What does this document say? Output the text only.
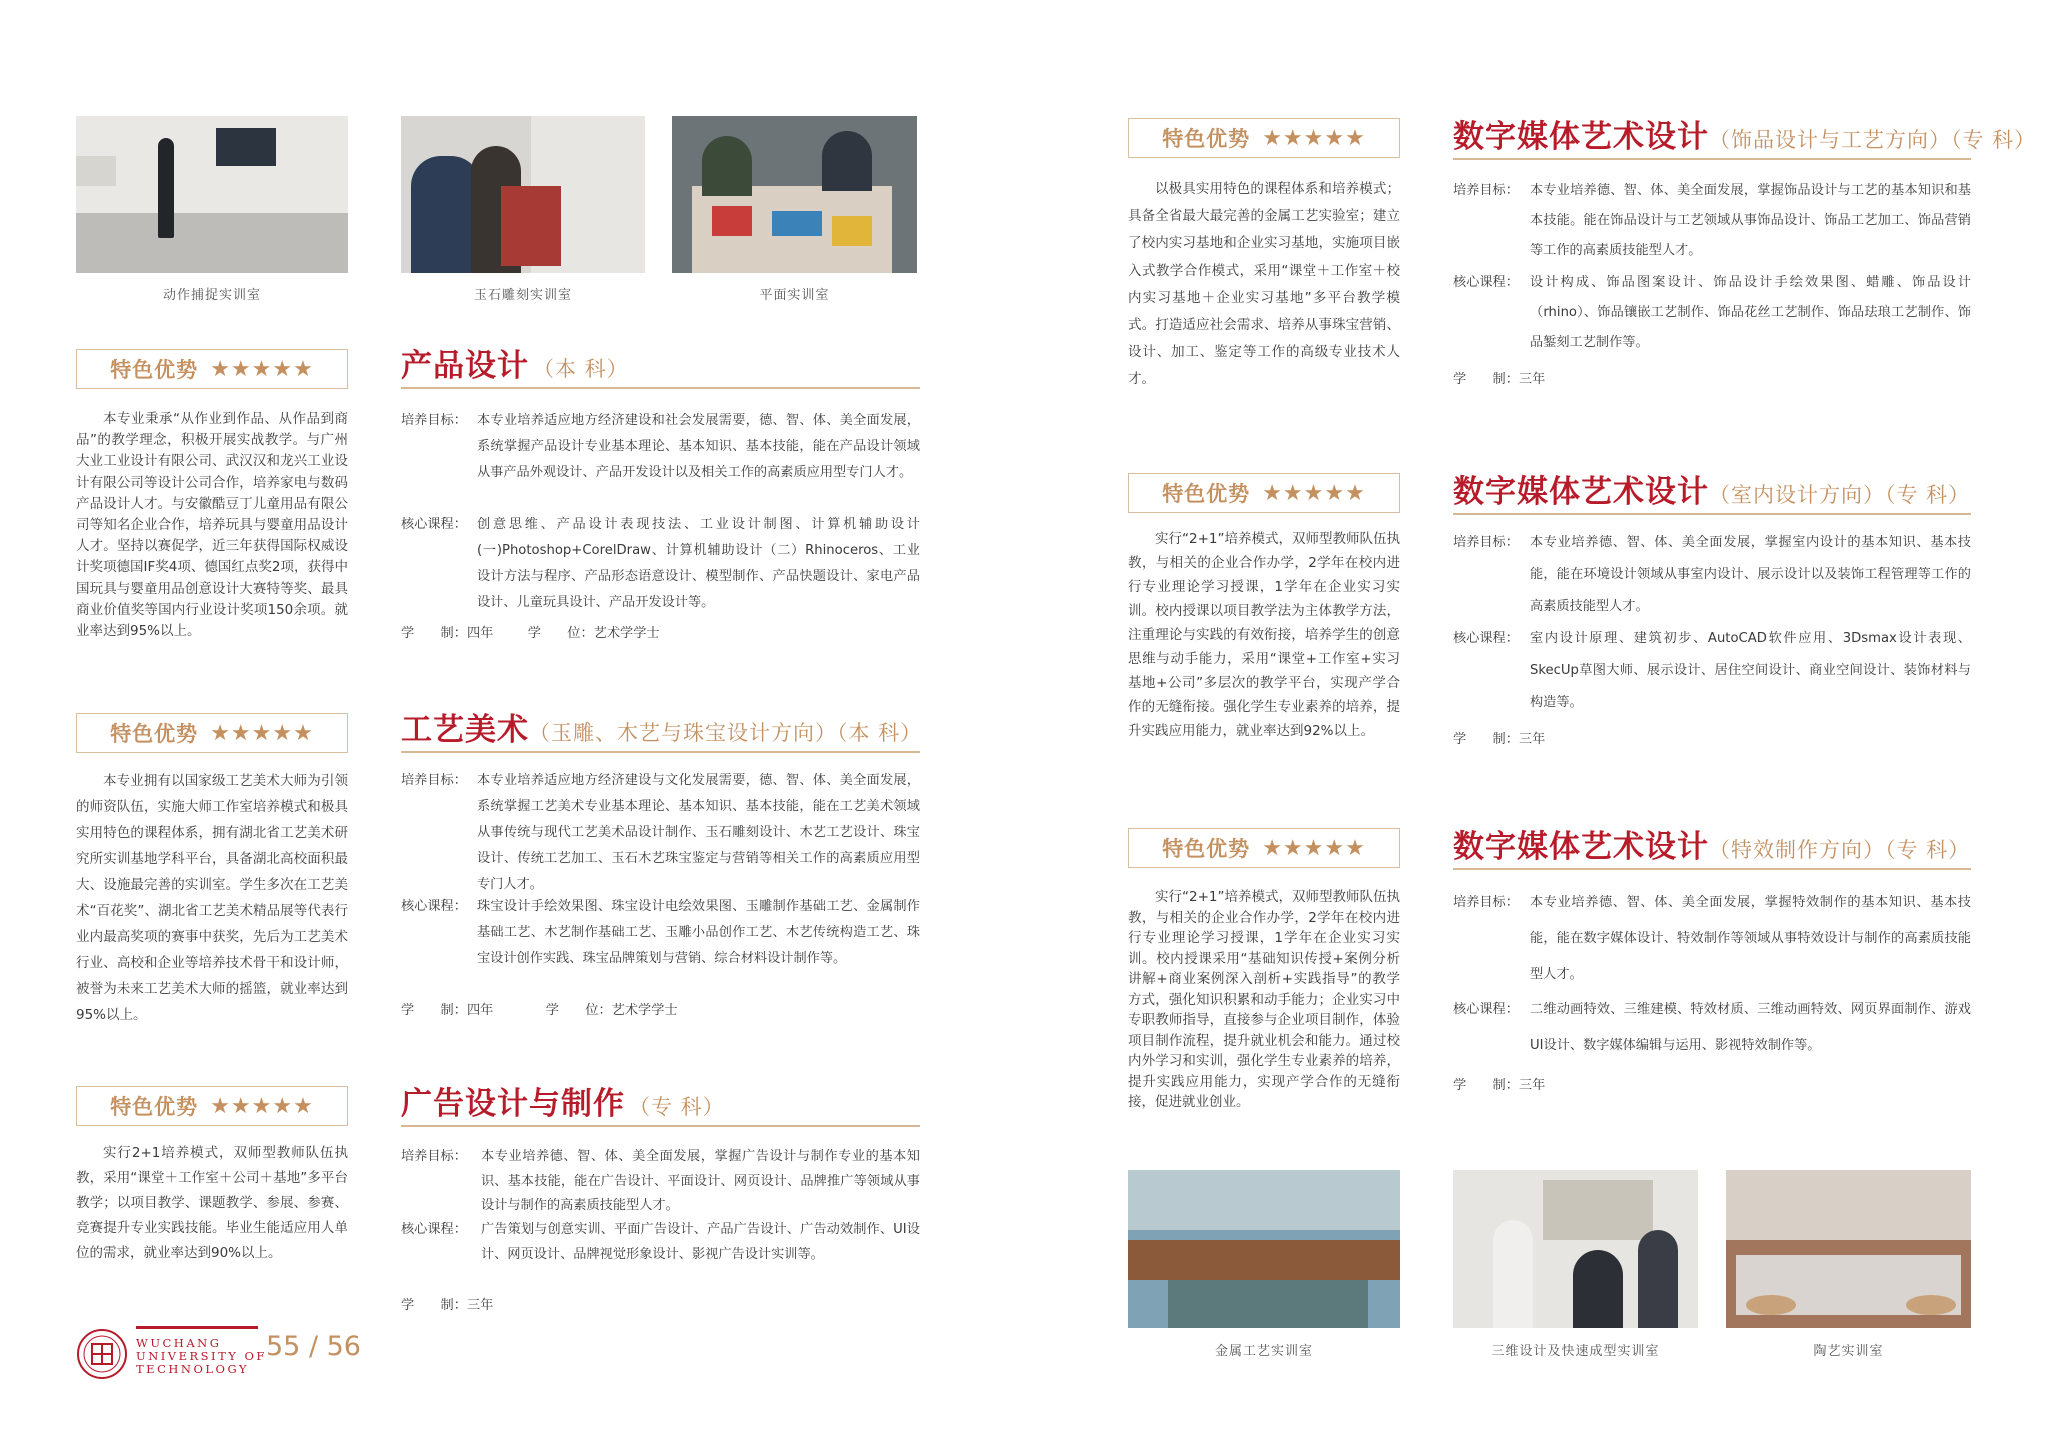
动作捕捉实训室	玉石雕刻实训室	平面实训室
特色优势 ★★★★★

本专业秉承“从作业到作品、从作品到商品”的教学理念，积极开展实战教学。与广州大业工业设计有限公司、武汉汉和龙兴工业设计有限公司等设计公司合作，培养家电与数码产品设计人才。与安徽酷豆丁儿童用品有限公司等知名企业合作，培养玩具与婴童用品设计人才。坚持以赛促学，近三年获得国际权威设计奖项德国IF奖4项、德国红点奖2项，获得中国玩具与婴童用品创意设计大赛特等奖、最具商业价值奖等国内行业设计奖项150余项。就业率达到95%以上。

特色优势 ★★★★★

本专业拥有以国家级工艺美术大师为引领的师资队伍，实施大师工作室培养模式和极具实用特色的课程体系，拥有湖北省工艺美术研究所实训基地学科平台，具备湖北高校面积最大、设施最完善的实训室。学生多次在工艺美术“百花奖”、湖北省工艺美术精品展等代表行业内最高奖项的赛事中获奖，先后为工艺美术行业、高校和企业等培养技术骨干和设计师，被誉为未来工艺美术大师的摇篮，就业率达到95%以上。

特色优势 ★★★★★

实行2+1培养模式，双师型教师队伍执教，采用“课堂＋工作室＋公司＋基地”多平台教学；以项目教学、课题教学、参展、参赛、竞赛提升专业实践技能。毕业生能适应用人单位的需求，就业率达到90%以上。

产品设计 （本 科）
培养目标： 本专业培养适应地方经济建设和社会发展需要，德、智、体、美全面发展，系统掌握产品设计专业基本理论、基本知识、基本技能，能在产品设计领域从事产品外观设计、产品开发设计以及相关工作的高素质应用型专门人才。
核心课程： 创意思维、产品设计表现技法、工业设计制图、计算机辅助设计(一)Photoshop+CorelDraw、计算机辅助设计（二）Rhinoceros、工业设计方法与程序、产品形态语意设计、模型制作、产品快题设计、家电产品设计、儿童玩具设计、产品开发设计等。
学　　制：四年	学　　位：艺术学学士
工艺美术 （玉雕、木艺与珠宝设计方向）（本 科）
培养目标： 本专业培养适应地方经济建设与文化发展需要，德、智、体、美全面发展，系统掌握工艺美术专业基本理论、基本知识、基本技能，能在工艺美术领域从事传统与现代工艺美术品设计制作、玉石雕刻设计、木艺工艺设计、珠宝设计、传统工艺加工、玉石木艺珠宝鉴定与营销等相关工作的高素质应用型专门人才。
核心课程： 珠宝设计手绘效果图、珠宝设计电绘效果图、玉雕制作基础工艺、金属制作基础工艺、木艺制作基础工艺、玉雕小品创作工艺、木艺传统构造工艺、珠宝设计创作实践、珠宝品牌策划与营销、综合材料设计制作等。
学　　制：四年	学　　位：艺术学学士
广告设计与制作 （专 科）
培养目标： 本专业培养德、智、体、美全面发展，掌握广告设计与制作专业的基本知识、基本技能，能在广告设计、平面设计、网页设计、品牌推广等领域从事设计与制作的高素质技能型人才。
核心课程： 广告策划与创意实训、平面广告设计、产品广告设计、广告动效制作、UI设计、网页设计、品牌视觉形象设计、影视广告设计实训等。
学　　制：三年
WUCHANG
UNIVERSITY OF
TECHNOLOGY
55 / 56
特色优势 ★★★★★

以极具实用特色的课程体系和培养模式；具备全省最大最完善的金属工艺实验室；建立了校内实习基地和企业实习基地，实施项目嵌入式教学合作模式，采用“课堂＋工作室＋校内实习基地＋企业实习基地”多平台教学模式。打造适应社会需求、培养从事珠宝营销、设计、加工、鉴定等工作的高级专业技术人才。

特色优势 ★★★★★

实行“2+1”培养模式，双师型教师队伍执教，与相关的企业合作办学，2学年在校内进行专业理论学习授课，1学年在企业实习实训。校内授课以项目教学法为主体教学方法，注重理论与实践的有效衔接，培养学生的创意思维与动手能力，采用“课堂+工作室+实习基地+公司”多层次的教学平台，实现产学合作的无缝衔接。强化学生专业素养的培养，提升实践应用能力，就业率达到92%以上。

特色优势 ★★★★★

实行“2+1”培养模式，双师型教师队伍执教，与相关的企业合作办学，2学年在校内进行专业理论学习授课，1学年在企业实习实训。校内授课采用“基础知识传授+案例分析讲解+商业案例深入剖析+实践指导”的教学方式，强化知识积累和动手能力；企业实习中专职教师指导，直接参与企业项目制作，体验项目制作流程，提升就业机会和能力。通过校内外学习和实训，强化学生专业素养的培养，提升实践应用能力，实现产学合作的无缝衔接，促进就业创业。

数字媒体艺术设计 （饰品设计与工艺方向）（专 科）
培养目标： 本专业培养德、智、体、美全面发展，掌握饰品设计与工艺的基本知识和基本技能。能在饰品设计与工艺领域从事饰品设计、饰品工艺加工、饰品营销等工作的高素质技能型人才。
核心课程： 设计构成、饰品图案设计、饰品设计手绘效果图、蜡雕、饰品设计（rhino）、饰品镶嵌工艺制作、饰品花丝工艺制作、饰品珐琅工艺制作、饰品錾刻工艺制作等。
学　　制：三年
数字媒体艺术设计 （室内设计方向）（专 科）
培养目标： 本专业培养德、智、体、美全面发展，掌握室内设计的基本知识、基本技能，能在环境设计领域从事室内设计、展示设计以及装饰工程管理等工作的高素质技能型人才。
核心课程： 室内设计原理、建筑初步、AutoCAD软件应用、3Dsmax设计表现、SkecUp草图大师、展示设计、居住空间设计、商业空间设计、装饰材料与构造等。
学　　制：三年
数字媒体艺术设计 （特效制作方向）（专 科）
培养目标： 本专业培养德、智、体、美全面发展，掌握特效制作的基本知识、基本技能，能在数字媒体设计、特效制作等领域从事特效设计与制作的高素质技能型人才。
核心课程： 二维动画特效、三维建模、特效材质、三维动画特效、网页界面制作、游戏UI设计、数字媒体编辑与运用、影视特效制作等。
学　　制：三年
金属工艺实训室	三维设计及快速成型实训室	陶艺实训室
